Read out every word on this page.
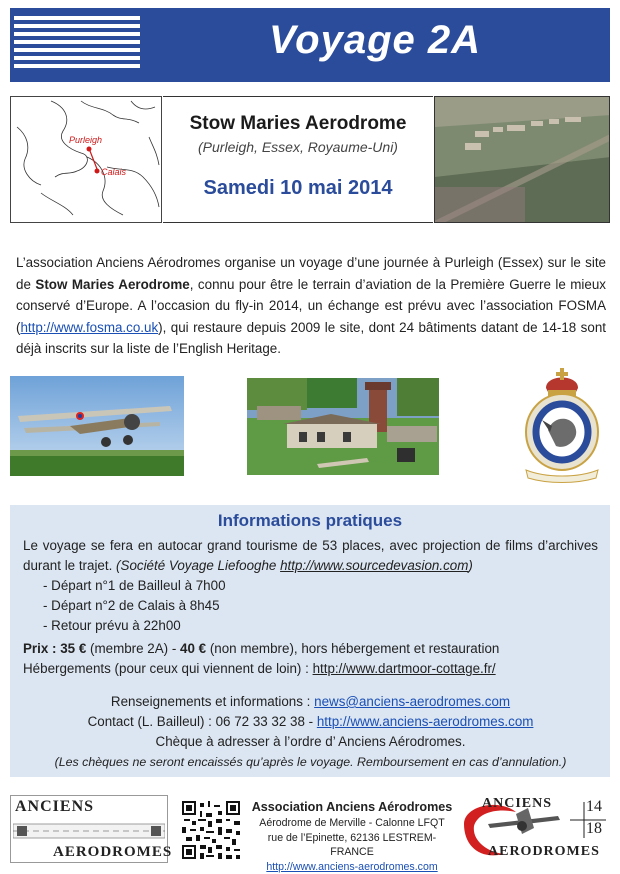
Voyage 2A
Purleigh
Calais
Stow Maries Aerodrome
(Purleigh, Essex, Royaume-Uni)
Samedi 10 mai 2014
L’association Anciens Aérodromes organise un voyage d’une journée à Purleigh (Essex) sur le site de Stow Maries Aerodrome, connu pour être le terrain d’aviation de la Première Guerre le mieux conservé d’Europe. A l’occasion du fly-in 2014, un échange est prévu avec l’association FOSMA (http://www.fosma.co.uk), qui restaure depuis 2009 le site, dont 24 bâtiments datant de 14-18 sont déjà inscrits sur la liste de l’English Heritage.
Informations pratiques
Le voyage se fera en autocar grand tourisme de 53 places, avec projection de films d’archives durant le trajet. (Société Voyage Liefooghe http://www.sourcedevasion.com)
- Départ n°1 de Bailleul à 7h00
- Départ n°2 de Calais à 8h45
- Retour prévu à 22h00
Prix : 35 € (membre 2A) - 40 € (non membre), hors hébergement et restauration
Hébergements (pour ceux qui viennent de loin) : http://www.dartmoor-cottage.fr/
Renseignements et informations : news@anciens-aerodromes.com
Contact (L. Bailleul) : 06 72 33 32 38 - http://www.anciens-aerodromes.com
Chèque à adresser à l’ordre d’ Anciens Aérodromes.
(Les chèques ne seront encaissés qu’après le voyage. Remboursement en cas d’annulation.)
ANCIENS
AERODROMES
Association Anciens Aérodromes
Aérodrome de Merville - Calonne LFQT
rue de l’Epinette, 62136 LESTREM- FRANCE
http://www.anciens-aerodromes.com
ANCIENS 14
18
AERODROMES
